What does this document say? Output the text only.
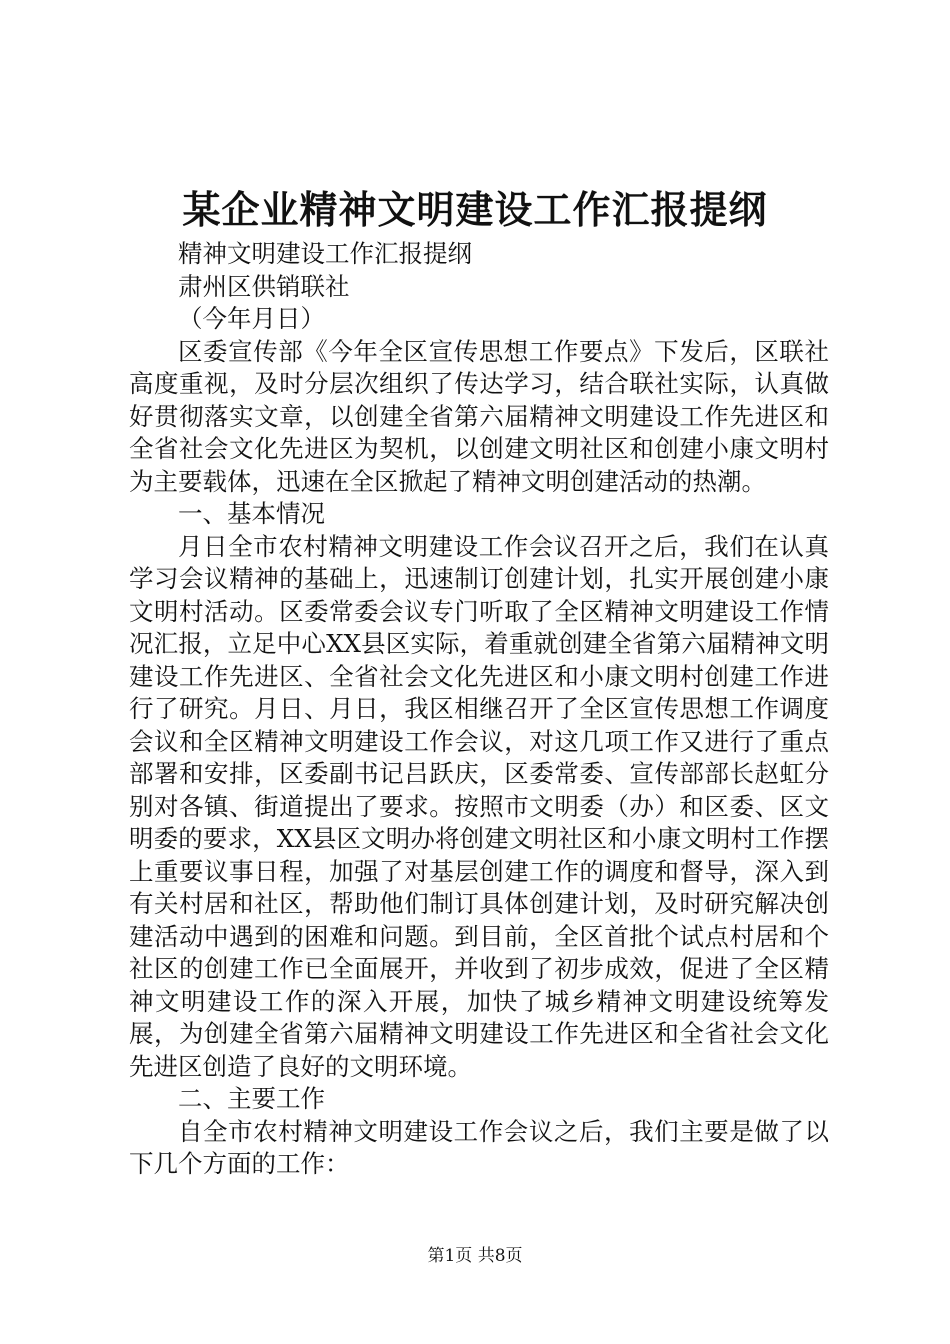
某企业精神文明建设工作汇报提纲

精神文明建设工作汇报提纲

肃州区供销联社

（今年月日）

区委宣传部《今年全区宣传思想工作要点》下发后，区联社高度重视，及时分层次组织了传达学习，结合联社实际，认真做好贯彻落实文章，以创建全省第六届精神文明建设工作先进区和全省社会文化先进区为契机，以创建文明社区和创建小康文明村为主要载体，迅速在全区掀起了精神文明创建活动的热潮。

一、基本情况

月日全市农村精神文明建设工作会议召开之后，我们在认真学习会议精神的基础上，迅速制订创建计划，扎实开展创建小康文明村活动。区委常委会议专门听取了全区精神文明建设工作情况汇报，立足中心XX县区实际，着重就创建全省第六届精神文明建设工作先进区、全省社会文化先进区和小康文明村创建工作进行了研究。月日、月日，我区相继召开了全区宣传思想工作调度会议和全区精神文明建设工作会议，对这几项工作又进行了重点部署和安排，区委副书记吕跃庆，区委常委、宣传部部长赵虹分别对各镇、街道提出了要求。按照市文明委（办）和区委、区文明委的要求，XX县区文明办将创建文明社区和小康文明村工作摆上重要议事日程，加强了对基层创建工作的调度和督导，深入到有关村居和社区，帮助他们制订具体创建计划，及时研究解决创建活动中遇到的困难和问题。到目前，全区首批个试点村居和个社区的创建工作已全面展开，并收到了初步成效，促进了全区精神文明建设工作的深入开展，加快了城乡精神文明建设统筹发展，为创建全省第六届精神文明建设工作先进区和全省社会文化先进区创造了良好的文明环境。

二、主要工作

自全市农村精神文明建设工作会议之后，我们主要是做了以下几个方面的工作：

第1页 共8页
